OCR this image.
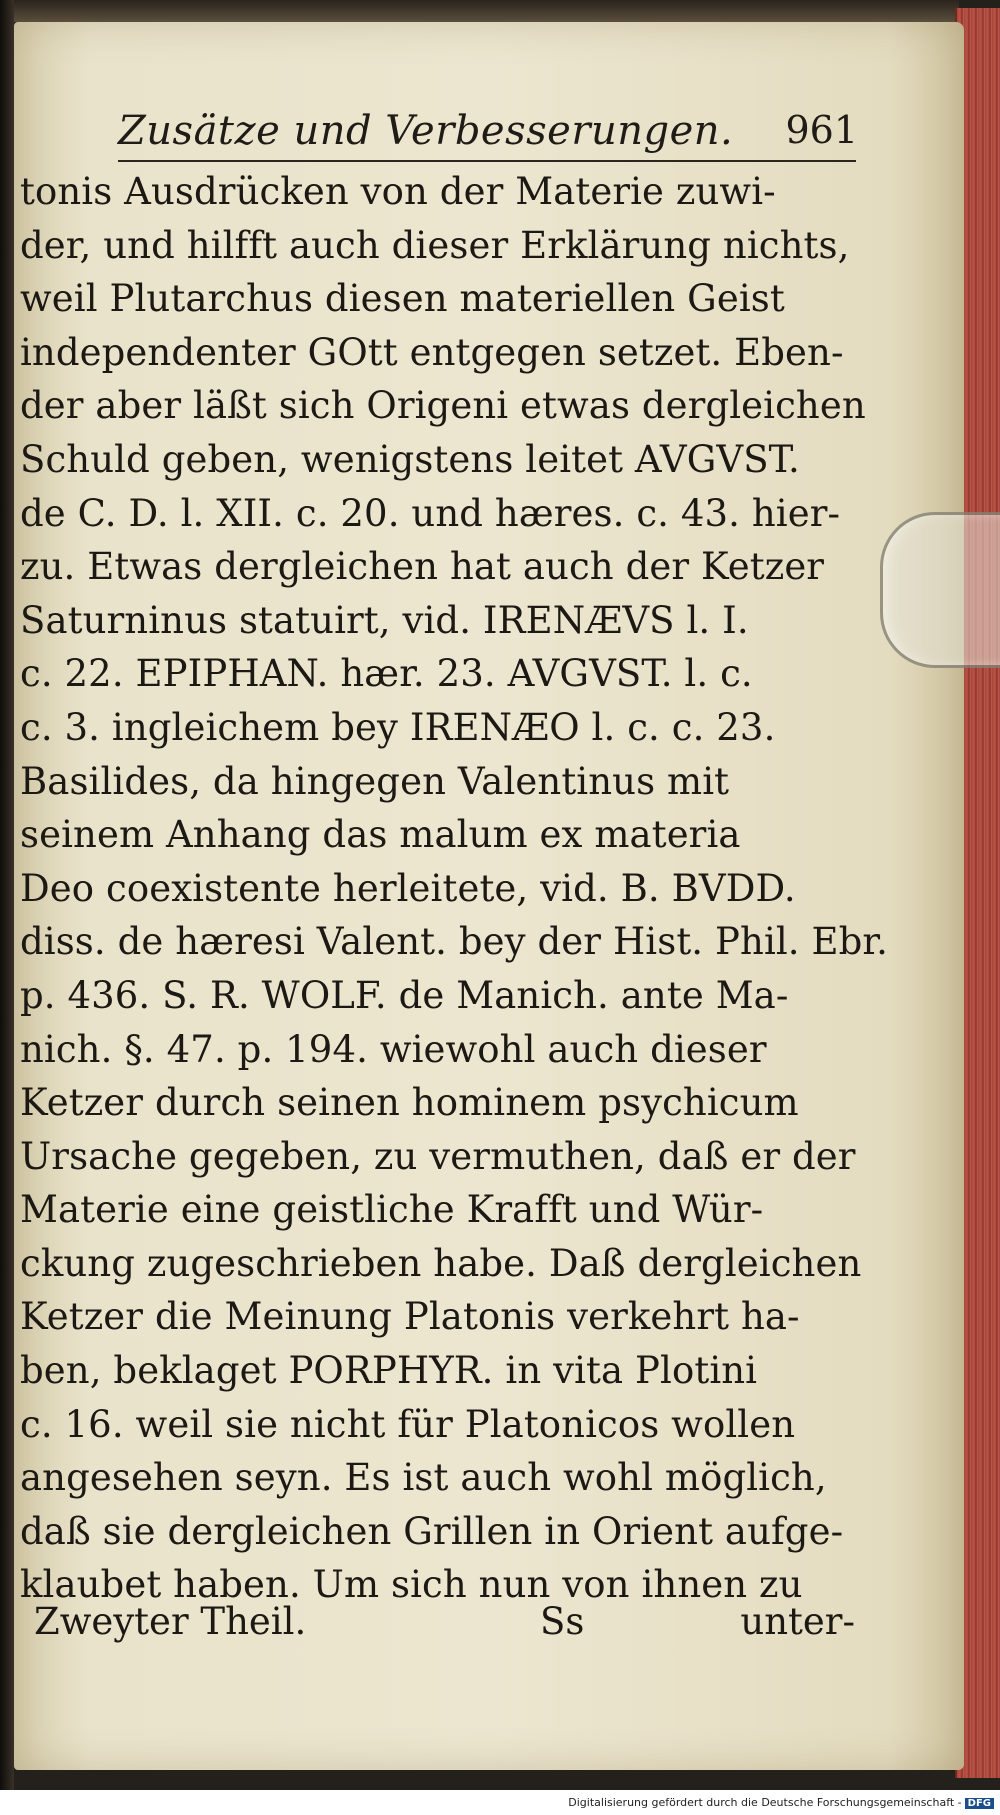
Zusätze und Verbesserungen. 961
tonis Ausdrücken von der Materie zuwi-
der, und hilfft auch dieser Erklärung nichts,
weil Plutarchus diesen materiellen Geist
independenter GOtt entgegen setzet. Eben-
der aber läßt sich Origeni etwas dergleichen
Schuld geben, wenigstens leitet AVGVST.
de C. D. l. XII. c. 20. und hæres. c. 43. hier-
zu. Etwas dergleichen hat auch der Ketzer
Saturninus statuirt, vid. IRENÆVS l. I.
c. 22. EPIPHAN. hær. 23. AVGVST. l. c.
c. 3. ingleichem bey IRENÆO l. c. c. 23.
Basilides, da hingegen Valentinus mit
seinem Anhang das malum ex materia
Deo coexistente herleitete, vid. B. BVDD.
diss. de hæresi Valent. bey der Hist. Phil. Ebr.
p. 436. S. R. WOLF. de Manich. ante Ma-
nich. §. 47. p. 194. wiewohl auch dieser
Ketzer durch seinen hominem psychicum
Ursache gegeben, zu vermuthen, daß er der
Materie eine geistliche Krafft und Wür-
ckung zugeschrieben habe. Daß dergleichen
Ketzer die Meinung Platonis verkehrt ha-
ben, beklaget PORPHYR. in vita Plotini
c. 16. weil sie nicht für Platonicos wollen
angesehen seyn. Es ist auch wohl möglich,
daß sie dergleichen Grillen in Orient aufge-
klaubet haben. Um sich nun von ihnen zu
Zweyter Theil.	Ss	unter-
Digitalisierung gefördert durch die Deutsche Forschungsgemeinschaft - DFG
